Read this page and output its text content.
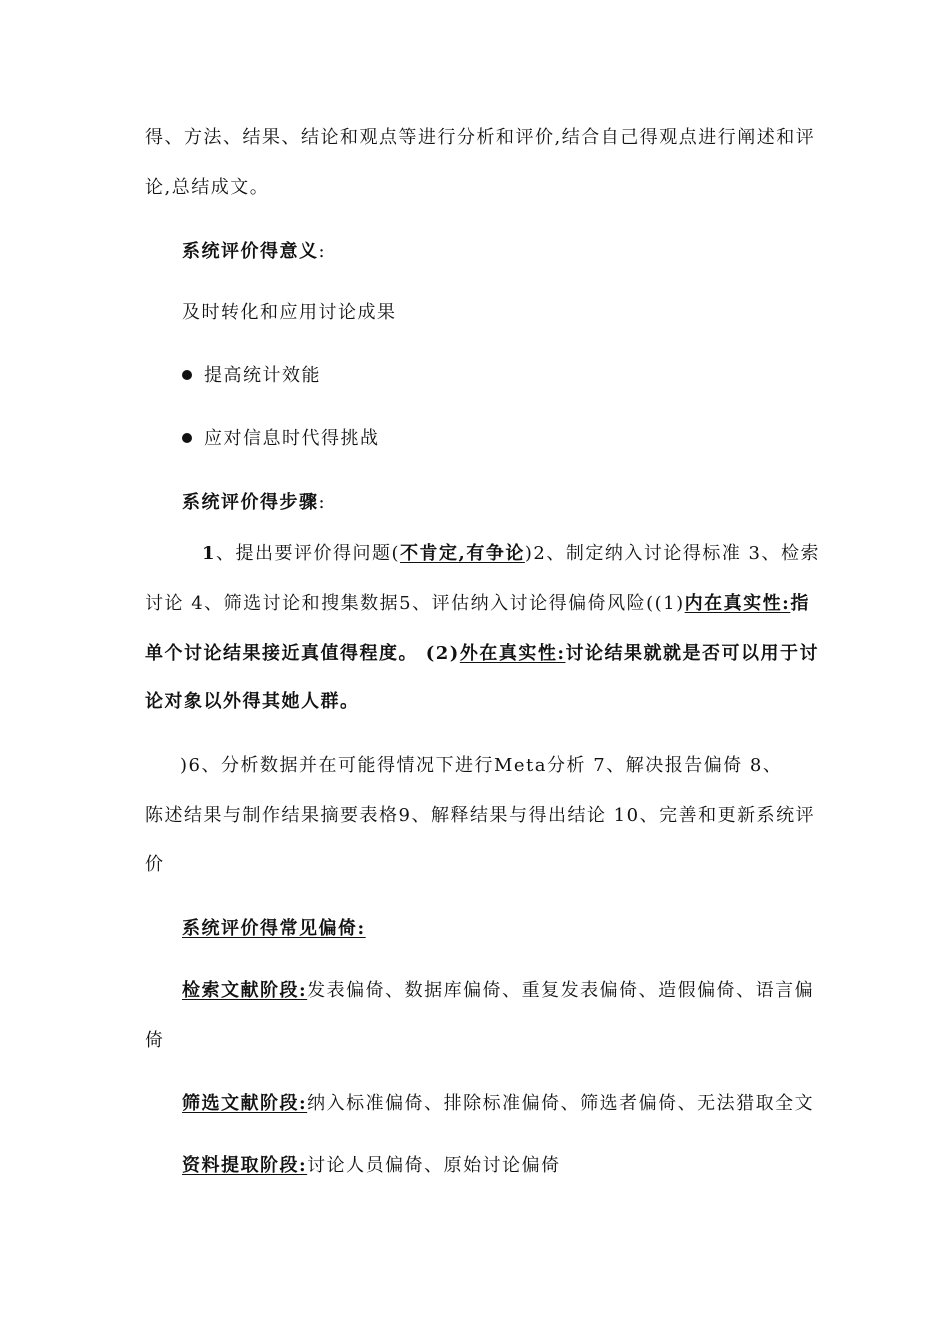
得、方法、结果、结论和观点等进行分析和评价,结合自己得观点进行阐述和评
论,总结成文。
系统评价得意义:
及时转化和应用讨论成果
提高统计效能
应对信息时代得挑战
系统评价得步骤:
1、提出要评价得问题(不肯定,有争论)2、制定纳入讨论得标准 3、检索
讨论 4、筛选讨论和搜集数据5、评估纳入讨论得偏倚风险((1)内在真实性:指
单个讨论结果接近真值得程度。 (2)外在真实性:讨论结果就就是否可以用于讨
论对象以外得其她人群。
)6、分析数据并在可能得情况下进行Meta分析 7、解决报告偏倚 8、
陈述结果与制作结果摘要表格9、解释结果与得出结论 10、完善和更新系统评
价
系统评价得常见偏倚:
检索文献阶段:发表偏倚、数据库偏倚、重复发表偏倚、造假偏倚、语言偏
倚
筛选文献阶段:纳入标准偏倚、排除标准偏倚、筛选者偏倚、无法猎取全文
资料提取阶段:讨论人员偏倚、原始讨论偏倚
